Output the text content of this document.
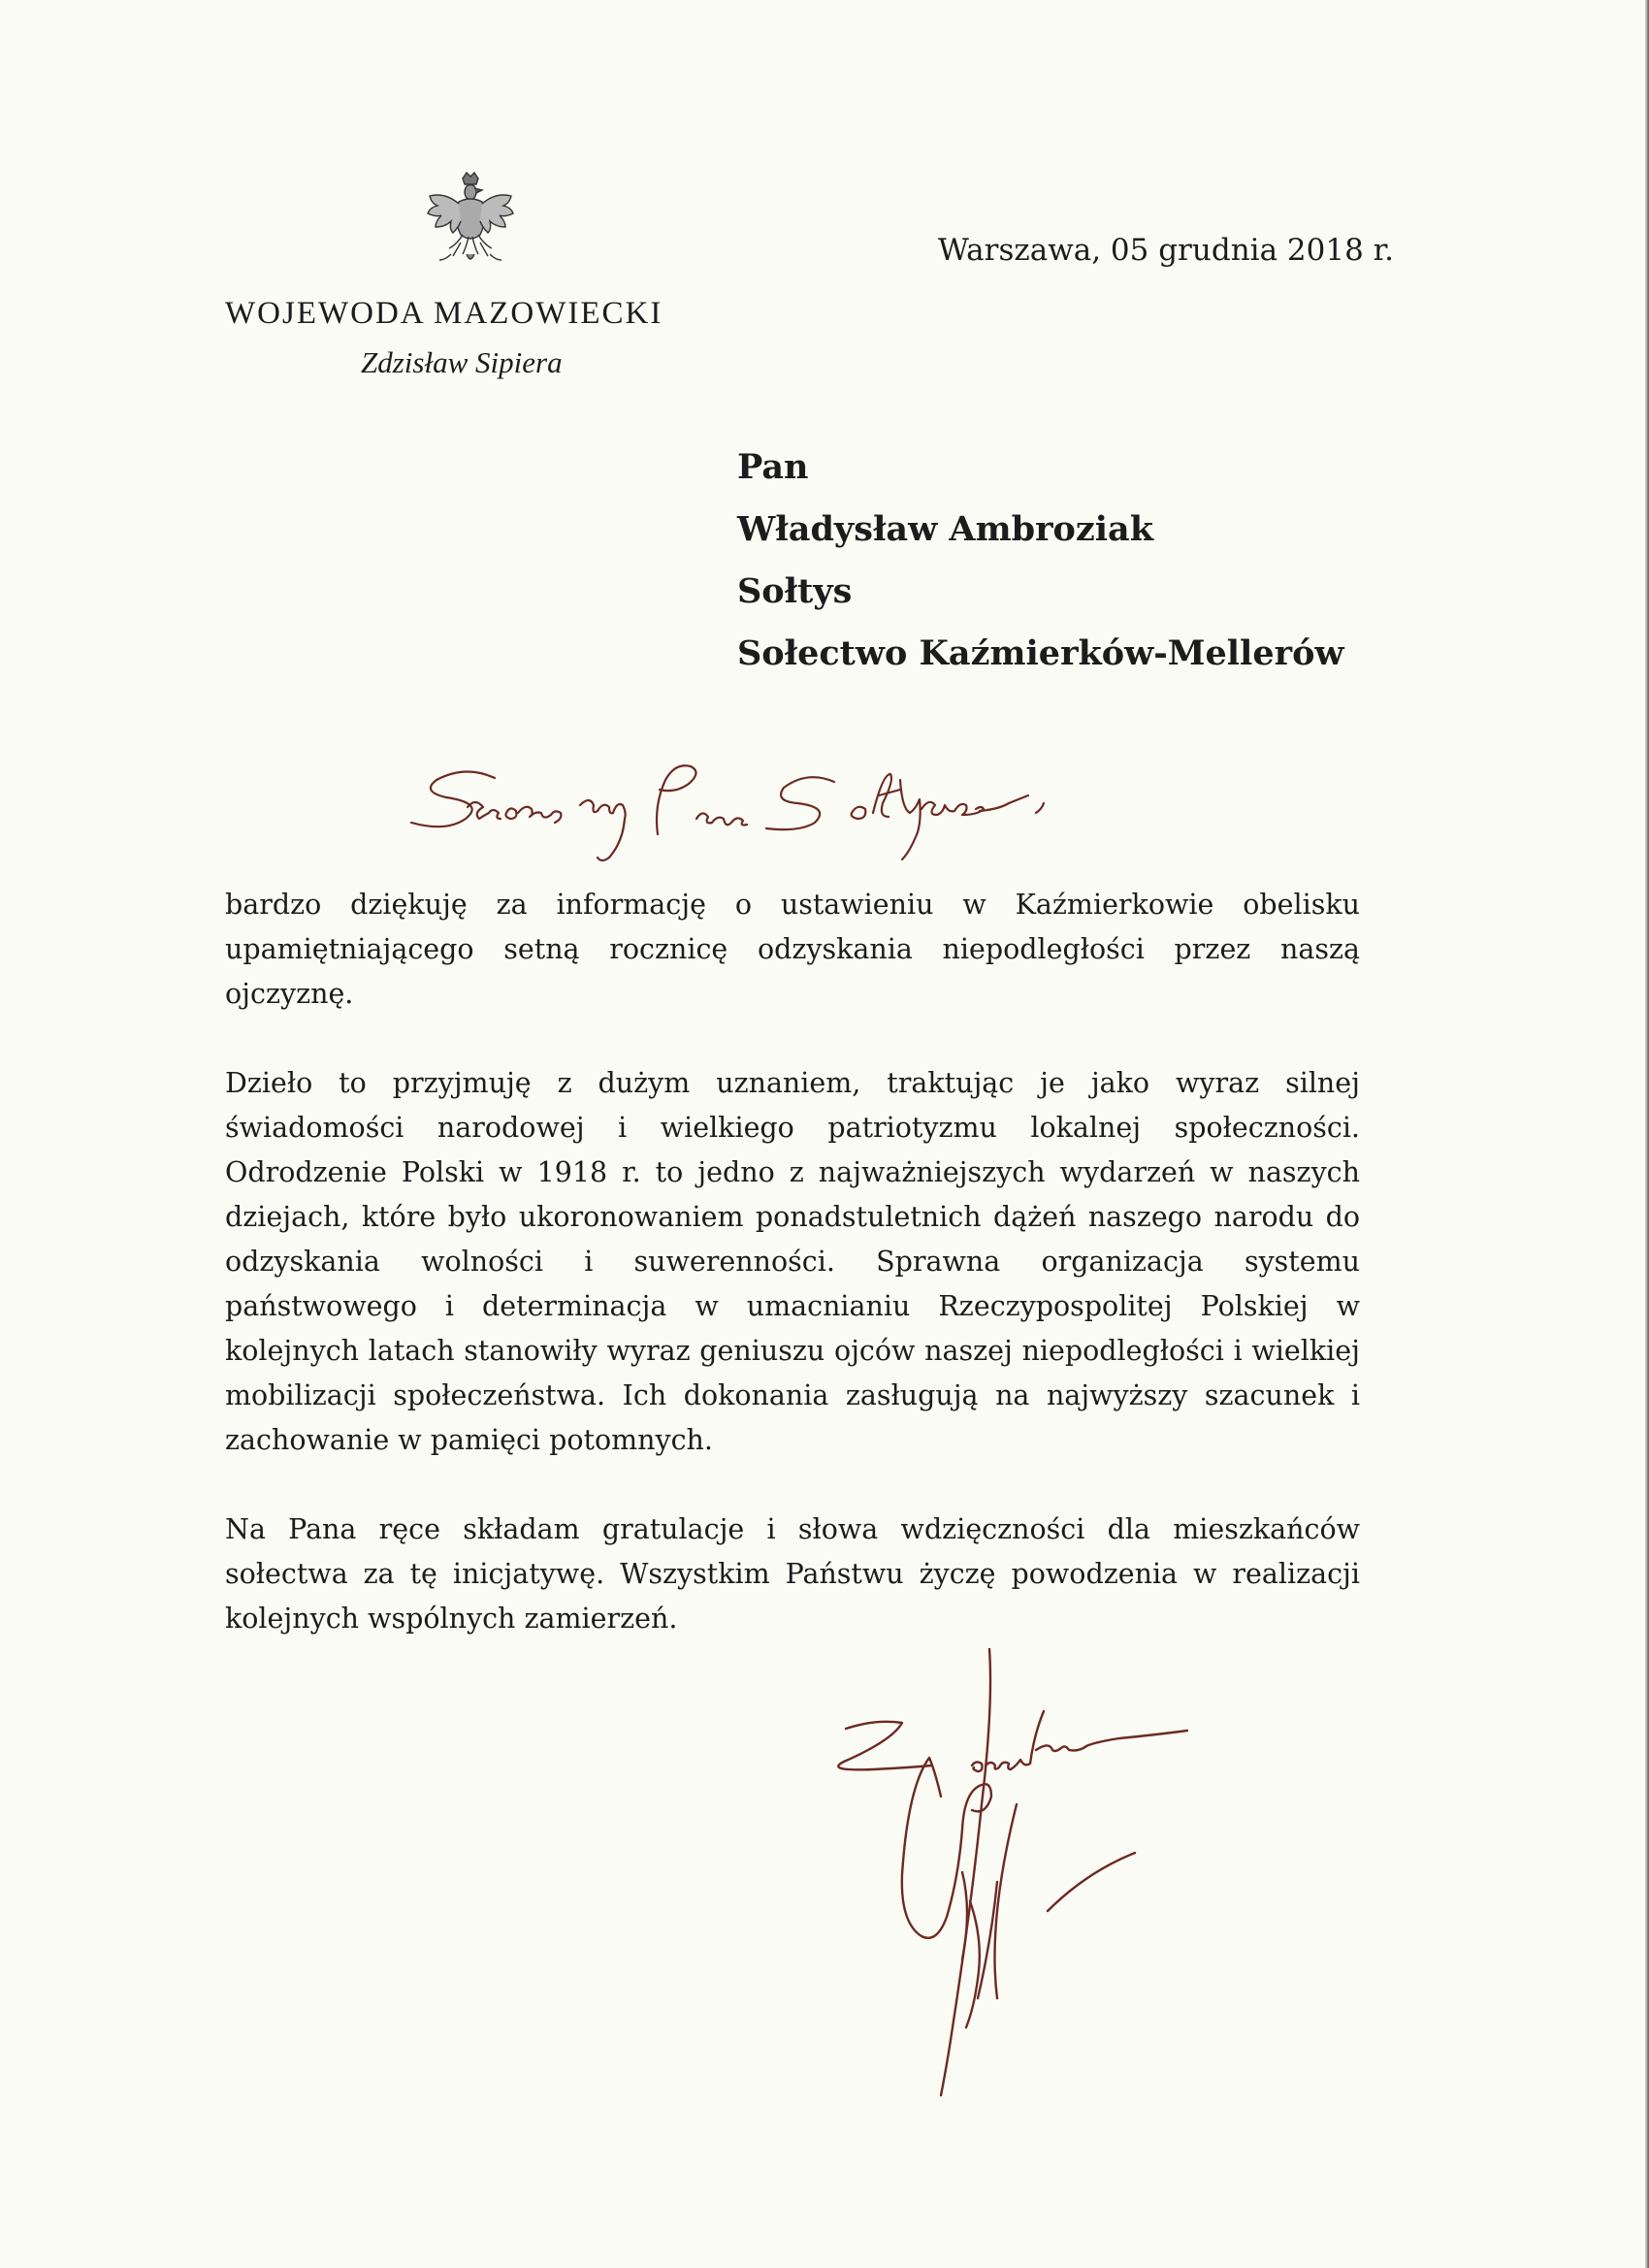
WOJEWODA MAZOWIECKI
Zdzisław Sipiera
Warszawa, 05 grudnia 2018 r.
Pan
Władysław Ambroziak
Sołtys
Sołectwo Kaźmierków-Mellerów

bardzo dziękuję za informację o ustawieniu w Kaźmierkowie obelisku upamiętniającego setną rocznicę odzyskania niepodległości przez naszą ojczyznę.

Dzieło to przyjmuję z dużym uznaniem, traktując je jako wyraz silnej świadomości narodowej i wielkiego patriotyzmu lokalnej społeczności. Odrodzenie Polski w 1918 r. to jedno z najważniejszych wydarzeń w naszych dziejach, które było ukoronowaniem ponadstuletnich dążeń naszego narodu do odzyskania wolności i suwerenności. Sprawna organizacja systemu państwowego i determinacja w umacnianiu Rzeczypospolitej Polskiej w kolejnych latach stanowiły wyraz geniuszu ojców naszej niepodległości i wielkiej mobilizacji społeczeństwa. Ich dokonania zasługują na najwyższy szacunek i zachowanie w pamięci potomnych.

Na Pana ręce składam gratulacje i słowa wdzięczności dla mieszkańców sołectwa za tę inicjatywę. Wszystkim Państwu życzę powodzenia w realizacji kolejnych wspólnych zamierzeń.
